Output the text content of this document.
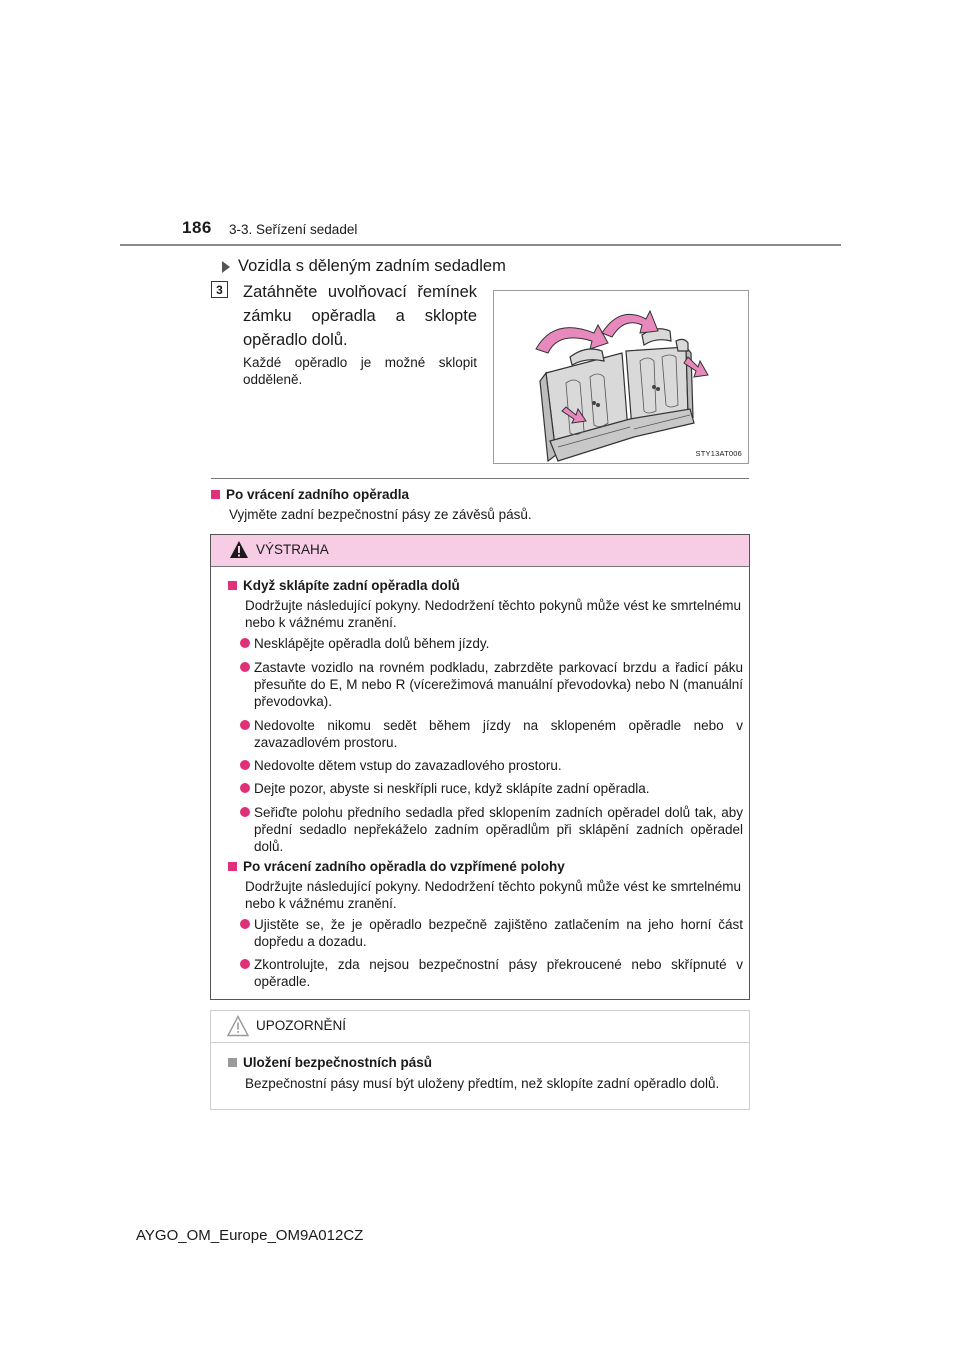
186 3-3. Seřízení sedadel
Vozidla s děleným zadním sedadlem
3	Zatáhněte uvolňovací řemínek zámku opěradla a sklopte opěradlo dolů.
Každé opěradlo je možné sklopit odděleně.
STY13AT006
Po vrácení zadního opěradla
Vyjměte zadní bezpečnostní pásy ze závěsů pásů.
VÝSTRAHA
Když sklápíte zadní opěradla dolů
Dodržujte následující pokyny. Nedodržení těchto pokynů může vést ke smrtelnému nebo k vážnému zranění.
Nesklápějte opěradla dolů během jízdy.
Zastavte vozidlo na rovném podkladu, zabrzděte parkovací brzdu a řadicí páku přesuňte do E, M nebo R (vícerežimová manuální převodovka) nebo N (manuální převodovka).
Nedovolte nikomu sedět během jízdy na sklopeném opěradle nebo v zavazadlovém prostoru.
Nedovolte dětem vstup do zavazadlového prostoru.
Dejte pozor, abyste si neskřípli ruce, když sklápíte zadní opěradla.
Seřiďte polohu předního sedadla před sklopením zadních opěradel dolů tak, aby přední sedadlo nepřekáželo zadním opěradlům při sklápění zadních opěradel dolů.
Po vrácení zadního opěradla do vzpřímené polohy
Dodržujte následující pokyny. Nedodržení těchto pokynů může vést ke smrtelnému nebo k vážnému zranění.
Ujistěte se, že je opěradlo bezpečně zajištěno zatlačením na jeho horní část dopředu a dozadu.
Zkontrolujte, zda nejsou bezpečnostní pásy překroucené nebo skřípnuté v opěradle.
UPOZORNĚNÍ
Uložení bezpečnostních pásů
Bezpečnostní pásy musí být uloženy předtím, než sklopíte zadní opěradlo dolů.
AYGO_OM_Europe_OM9A012CZ
